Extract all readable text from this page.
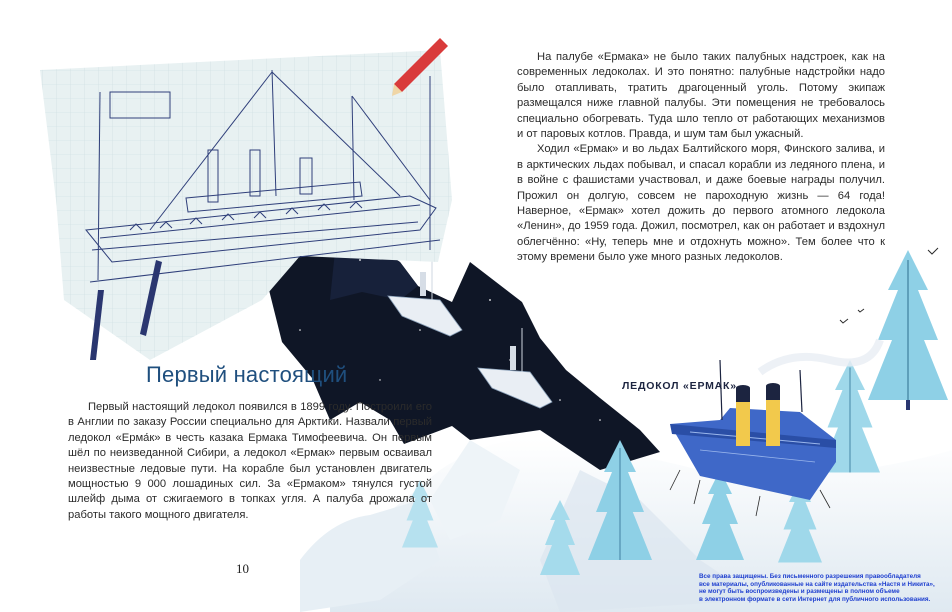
На палубе «Ермака» не было таких палубных надстроек, как на современных ледоколах. И это понятно: палубные надстройки надо было отапливать, тратить драгоценный уголь. Потому экипаж размещался ниже главной палубы. Эти помещения не требовалось специально обогревать. Туда шло тепло от работающих механизмов и от паровых котлов. Правда, и шум там был ужасный.

Ходил «Ермак» и во льдах Балтийского моря, Финского залива, и в арктических льдах побывал, и спасал корабли из ледяного плена, и в войне с фашистами участвовал, и даже боевые награды получил. Прожил он долгую, совсем не пароходную жизнь — 64 года! Наверное, «Ермак» хотел дожить до первого атомного ледокола «Ленин», до 1959 года. Дожил, посмотрел, как он работает и вздохнул облегчённо: «Ну, теперь мне и отдохнуть можно». Тем более что к этому времени было уже много разных ледоколов.

Первый настоящий

Первый настоящий ледокол появился в 1899 году. Построили его в Англии по заказу России специально для Арктики. Назвали первый ледокол «Ерма́к» в честь казака Ермака Тимофеевича. Он первым шёл по неизведанной Сибири, а ледокол «Ермак» первым осваивал неизвестные ледовые пути. На корабле был установлен двигатель мощностью 9 000 лошадиных сил. За «Ермаком» тянулся густой шлейф дыма от сжигаемого в топках угля. А палуба дрожала от работы такого мощного двигателя.

ЛЕДОКОЛ «ЕРМАК»
10
Все права защищены. Без письменного разрешения правообладателя
все материалы, опубликованные на сайте издательства «Настя и Никита»,
не могут быть воспроизведены и размещены в полном объеме
в электронном формате в сети Интернет для публичного использования.
